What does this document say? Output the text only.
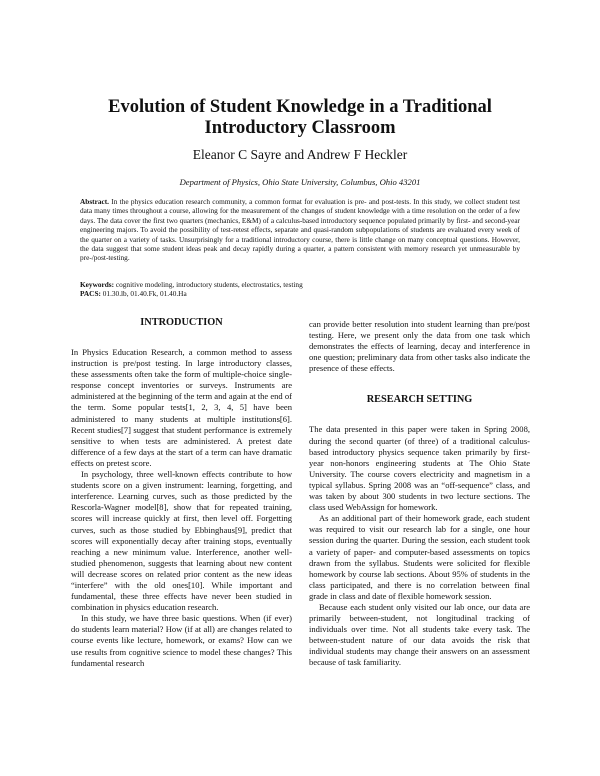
Evolution of Student Knowledge in a Traditional
Introductory Classroom
Eleanor C Sayre and Andrew F Heckler
Department of Physics, Ohio State University, Columbus, Ohio 43201
Abstract. In the physics education research community, a common format for evaluation is pre- and post-tests. In this study, we collect student test data many times throughout a course, allowing for the measurement of the changes of student knowledge with a time resolution on the order of a few days. The data cover the first two quarters (mechanics, E&M) of a calculus-based introductory sequence populated primarily by first- and second-year engineering majors. To avoid the possibility of test-retest effects, separate and quasi-random subpopulations of students are evaluated every week of the quarter on a variety of tasks. Unsurprisingly for a traditional introductory course, there is little change on many conceptual questions. However, the data suggest that some student ideas peak and decay rapidly during a quarter, a pattern consistent with memory research yet unmeasurable by pre-/post-testing.
Keywords: cognitive modeling, introductory students, electrostatics, testing
PACS: 01.30.lb, 01.40.Fk, 01.40.Ha
INTRODUCTION

In Physics Education Research, a common method to assess instruction is pre/post testing. In large introductory classes, these assessments often take the form of multiple-choice single-response concept inventories or surveys. Instruments are administered at the beginning of the term and again at the end of the term. Some popular tests[1, 2, 3, 4, 5] have been administered to many students at multiple institutions[6]. Recent studies[7] suggest that student performance is extremely sensitive to when tests are administered. A pretest date difference of a few days at the start of a term can have dramatic effects on pretest score.

In psychology, three well-known effects contribute to how students score on a given instrument: learning, forgetting, and interference. Learning curves, such as those predicted by the Rescorla-Wagner model[8], show that for repeated training, scores will increase quickly at first, then level off. Forgetting curves, such as those studied by Ebbinghaus[9], predict that scores will exponentially decay after training stops, eventually reaching a new minimum value. Interference, another well-studied phenomenon, suggests that learning about new content will decrease scores on related prior content as the new ideas “interfere” with the old ones[10]. While important and fundamental, these three effects have never been studied in combination in physics education research.

In this study, we have three basic questions. When (if ever) do students learn material? How (if at all) are changes related to course events like lecture, homework, or exams? How can we use results from cognitive science to model these changes? This fundamental research

can provide better resolution into student learning than pre/post testing. Here, we present only the data from one task which demonstrates the effects of learning, decay and interference in one question; preliminary data from other tasks also indicate the presence of these effects.

RESEARCH SETTING

The data presented in this paper were taken in Spring 2008, during the second quarter (of three) of a traditional calculus-based introductory physics sequence taken primarily by first-year non-honors engineering students at The Ohio State University. The course covers electricity and magnetism in a typical syllabus. Spring 2008 was an “off-sequence” class, and was taken by about 300 students in two lecture sections. The class used WebAssign for homework.

As an additional part of their homework grade, each student was required to visit our research lab for a single, one hour session during the quarter. During the session, each student took a variety of paper- and computer-based assessments on topics drawn from the syllabus. Students were solicited for flexible homework by course lab sections. About 95% of students in the class participated, and there is no correlation between final grade in class and date of flexible homework session.

Because each student only visited our lab once, our data are primarily between-student, not longitudinal tracking of individuals over time. Not all students take every task. The between-student nature of our data avoids the risk that individual students may change their answers on an assessment because of task familiarity.
